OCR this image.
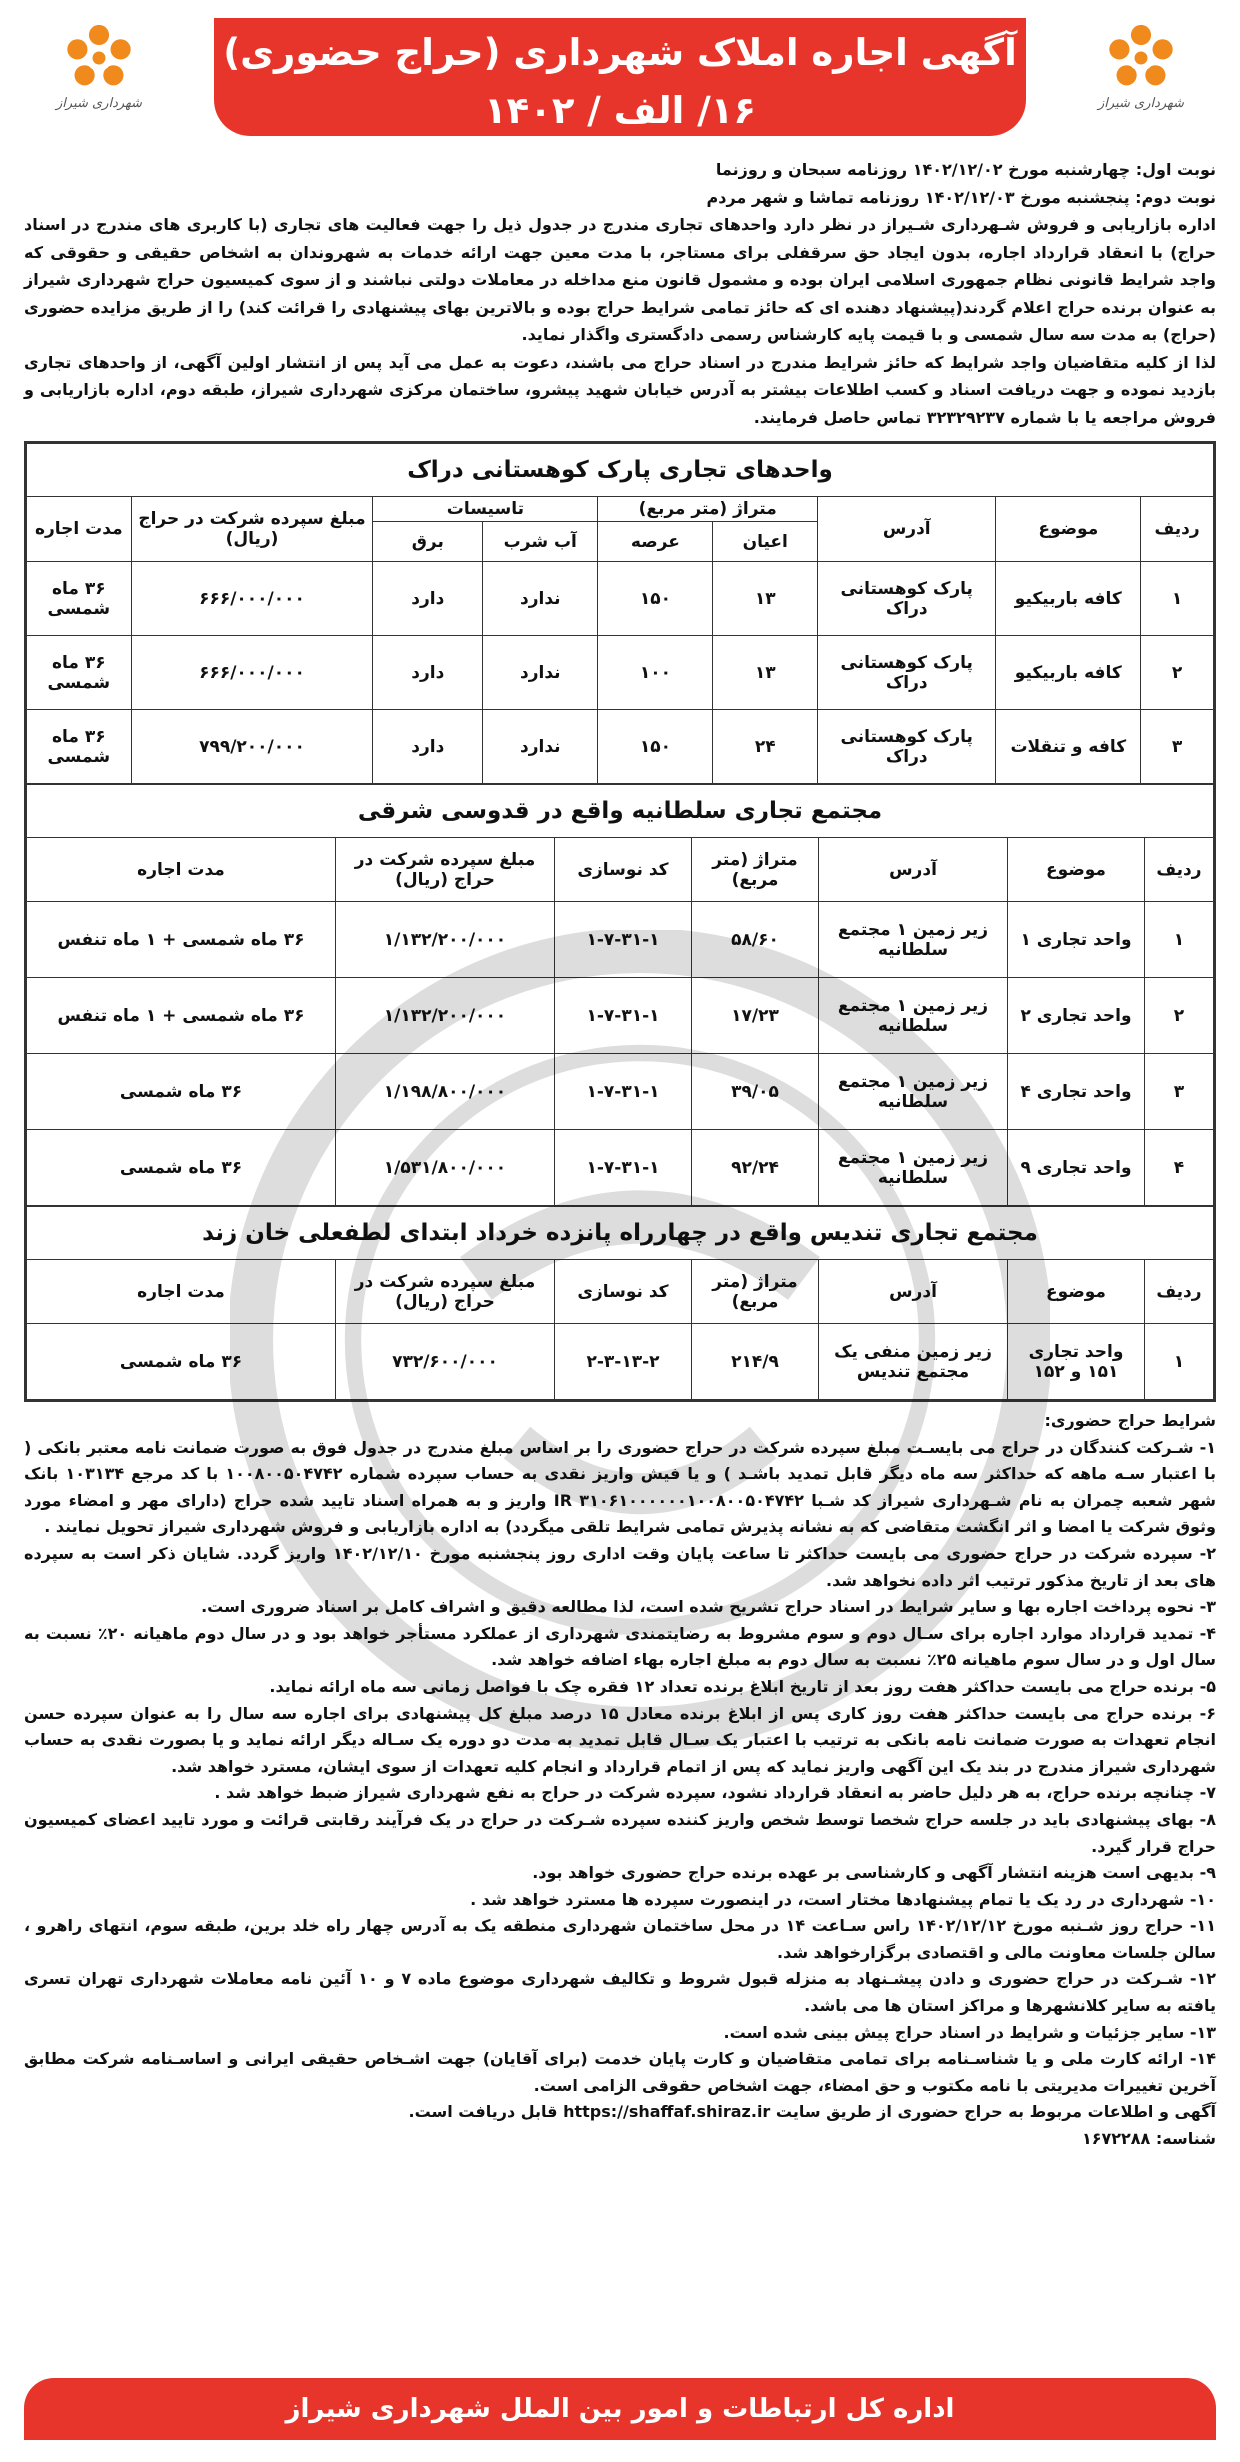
شهرداری شیراز
آگهی اجاره املاک شهرداری (حراج حضوری) ۱۶/ الف / ۱۴۰۲
۱۵۷۵-۱۴۰۲
شهرداری شیراز

نوبت اول: چهارشنبه مورخ ۱۴۰۲/۱۲/۰۲ روزنامه سبحان و روزنما

نوبت دوم: پنجشنبه مورخ ۱۴۰۲/۱۲/۰۳ روزنامه تماشا و شهر مردم

اداره بازاریابی و فروش شـهرداری شـیراز در نظر دارد واحدهای تجاری مندرج در جدول ذیل را جهت فعالیت های تجاری (با کاربری های مندرج در اسناد حراج) با انعقاد قرارداد اجاره، بدون ایجاد حق سرقفلی برای مستاجر، با مدت معین جهت ارائه خدمات به شهروندان به اشخاص حقیقی و حقوقی که واجد شرایط قانونی نظام جمهوری اسلامی ایران بوده و مشمول قانون منع مداخله در معاملات دولتی نباشند و از سوی کمیسیون حراج شهرداری شیراز به عنوان برنده حراج اعلام گردند(پیشنهاد دهنده ای که حائز تمامی شرایط حراج بوده و بالاترین بهای پیشنهادی را قرائت کند) را از طریق مزایده حضوری (حراج) به مدت سه سال شمسی و با قیمت پایه کارشناس رسمی دادگستری واگذار نماید.

لذا از کلیه متقاضیان واجد شرایط که حائز شرایط مندرج در اسناد حراج می باشند، دعوت به عمل می آید پس از انتشار اولین آگهی، از واحدهای تجاری بازدید نموده و جهت دریافت اسناد و کسب اطلاعات بیشتر به آدرس خیابان شهید پیشرو، ساختمان مرکزی شهرداری شیراز، طبقه دوم، اداره بازاریابی و فروش مراجعه یا با شماره ۳۲۳۲۹۲۳۷ تماس حاصل فرمایند.

واحدهای تجاری پارک کوهستانی دراک								
ردیف	موضوع	آدرس	متراژ (متر مربع)		تاسیسات		مبلغ سپرده شرکت در حراج (ریال)	مدت اجاره
			اعیان	عرصه	آب شرب	برق		
۱	کافه باربیکیو	پارک کوهستانی دراک	۱۳	۱۵۰	ندارد	دارد	۶۶۶/۰۰۰/۰۰۰	۳۶ ماه شمسی
۲	کافه باربیکیو	پارک کوهستانی دراک	۱۳	۱۰۰	ندارد	دارد	۶۶۶/۰۰۰/۰۰۰	۳۶ ماه شمسی
۳	کافه و تنقلات	پارک کوهستانی دراک	۲۴	۱۵۰	ندارد	دارد	۷۹۹/۲۰۰/۰۰۰	۳۶ ماه شمسی
مجتمع تجاری سلطانیه واقع در قدوسی شرقی						
ردیف	موضوع	آدرس	متراژ (متر مربع)	کد نوسازی	مبلغ سپرده شرکت در حراج (ریال)	مدت اجاره
۱	واحد تجاری ۱	زیر زمین ۱ مجتمع سلطانیه	۵۸/۶۰	۱-۷-۳۱-۱	۱/۱۳۲/۲۰۰/۰۰۰	۳۶ ماه شمسی + ۱ ماه تنفس
۲	واحد تجاری ۲	زیر زمین ۱ مجتمع سلطانیه	۱۷/۲۳	۱-۷-۳۱-۱	۱/۱۳۲/۲۰۰/۰۰۰	۳۶ ماه شمسی + ۱ ماه تنفس
۳	واحد تجاری ۴	زیر زمین ۱ مجتمع سلطانیه	۳۹/۰۵	۱-۷-۳۱-۱	۱/۱۹۸/۸۰۰/۰۰۰	۳۶ ماه شمسی
۴	واحد تجاری ۹	زیر زمین ۱ مجتمع سلطانیه	۹۲/۲۴	۱-۷-۳۱-۱	۱/۵۳۱/۸۰۰/۰۰۰	۳۶ ماه شمسی
مجتمع تجاری تندیس واقع در چهارراه پانزده خرداد ابتدای لطفعلی خان زند						
ردیف	موضوع	آدرس	متراژ (متر مربع)	کد نوسازی	مبلغ سپرده شرکت در حراج (ریال)	مدت اجاره
۱	واحد تجاری ۱۵۱ و ۱۵۲	زیر زمین منفی یک مجتمع تندیس	۲۱۴/۹	۲-۳-۱۳-۲	۷۳۲/۶۰۰/۰۰۰	۳۶ ماه شمسی

شرایط حراج حضوری:

۱- شـرکت کنندگان در حراج می بایسـت مبلغ سپرده شرکت در حراج حضوری را بر اساس مبلغ مندرج در جدول فوق به صورت ضمانت نامه معتبر بانکی ( با اعتبار سـه ماهه که حداکثر سه ماه دیگر قابل تمدید باشـد ) و یا فیش واریز نقدی به حساب سپرده شماره ۱۰۰۸۰۰۵۰۴۷۴۲ با کد مرجع ۱۰۳۱۳۴ بانک شهر شعبه چمران به نام شـهرداری شیراز کد شـبا IR ۳۱۰۶۱۰۰۰۰۰۰۱۰۰۸۰۰۵۰۴۷۴۲ واریز و به همراه اسناد تایید شده حراج (دارای مهر و امضاء مورد وثوق شرکت یا امضا و اثر انگشت متقاضی که به نشانه پذیرش تمامی شرایط تلقی میگردد) به اداره بازاریابی و فروش شهرداری شیراز تحویل نمایند .

۲- سپرده شرکت در حراج حضوری می بایست حداکثر تا ساعت پایان وقت اداری روز پنجشنبه مورخ ۱۴۰۲/۱۲/۱۰ واریز گردد. شایان ذکر است به سپرده های بعد از تاریخ مذکور ترتیب اثر داده نخواهد شد.

۳- نحوه پرداخت اجاره بها و سایر شرایط در اسناد حراج تشریح شده است، لذا مطالعه دقیق و اشراف کامل بر اسناد ضروری است.

۴- تمدید قرارداد موارد اجاره برای سـال دوم و سوم مشروط به رضایتمندی شهرداری از عملکرد مستأجر خواهد بود و در سال دوم ماهیانه ۲۰٪ نسبت به سال اول و در سال سوم ماهیانه ۲۵٪ نسبت به سال دوم به مبلغ اجاره بهاء اضافه خواهد شد.

۵- برنده حراج می بایست حداکثر هفت روز بعد از تاریخ ابلاغ برنده تعداد ۱۲ فقره چک با فواصل زمانی سه ماه ارائه نماید.

۶- برنده حراج می بایست حداکثر هفت روز کاری پس از ابلاغ برنده معادل ۱۵ درصد مبلغ کل پیشنهادی برای اجاره سه سال را به عنوان سپرده حسن انجام تعهدات به صورت ضمانت نامه بانکی به ترتیب با اعتبار یک سـال قابل تمدید به مدت دو دوره یک سـاله دیگر ارائه نماید و یا بصورت نقدی به حساب شهرداری شیراز مندرج در بند یک این آگهی واریز نماید که پس از اتمام قرارداد و انجام کلیه تعهدات از سوی ایشان، مسترد خواهد شد.

۷- چنانچه برنده حراج، به هر دلیل حاضر به انعقاد قرارداد نشود، سپرده شرکت در حراج به نفع شهرداری شیراز ضبط خواهد شد .

۸- بهای پیشنهادی باید در جلسه حراج شخصا توسط شخص واریز کننده سپرده شـرکت در حراج در یک فرآیند رقابتی قرائت و مورد تایید اعضای کمیسیون حراج قرار گیرد.

۹- بدیهی است هزینه انتشار آگهی و کارشناسی بر عهده برنده حراج حضوری خواهد بود.

۱۰- شهرداری در رد یک یا تمام پیشنهادها مختار است، در اینصورت سپرده ها مسترد خواهد شد .

۱۱- حراج روز شـنبه مورخ ۱۴۰۲/۱۲/۱۲ راس سـاعت ۱۴ در محل ساختمان شهرداری منطقه یک به آدرس چهار راه خلد برین، طبقه سوم، انتهای راهرو ، سالن جلسات معاونت مالی و اقتصادی برگزارخواهد شد.

۱۲- شـرکت در حراج حضوری و دادن پیشـنهاد به منزله قبول شروط و تکالیف شهرداری موضوع ماده ۷ و ۱۰ آئین نامه معاملات شهرداری تهران تسری یافته به سایر کلانشهرها و مراکز استان ها می باشد.

۱۳- سایر جزئیات و شرایط در اسناد حراج پیش بینی شده است.

۱۴- ارائه کارت ملی و یا شناسـنامه برای تمامی متقاضیان و کارت پایان خدمت (برای آقایان) جهت اشـخاص حقیقی ایرانی و اساسـنامه شرکت مطابق آخرین تغییرات مدیریتی با نامه مکتوب و حق امضاء، جهت اشخاص حقوقی الزامی است.

آگهی و اطلاعات مربوط به حراج حضوری از طریق سایت https://shaffaf.shiraz.ir قابل دریافت است.

شناسه: ۱۶۷۲۲۸۸

اداره کل ارتباطات و امور بین الملل شهرداری شیراز
